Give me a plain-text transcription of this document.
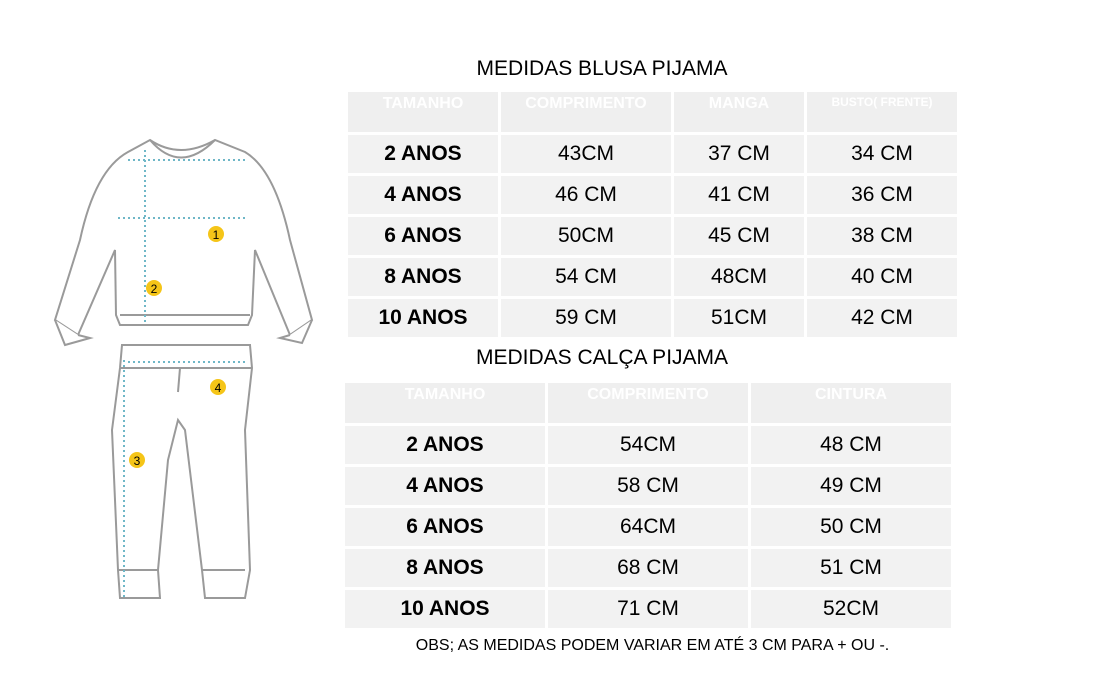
1
2
3
4
MEDIDAS BLUSA PIJAMA
TAMANHO	COMPRIMENTO	MANGA	BUSTO( FRENTE)
2 ANOS	43CM	37 CM	34 CM
4 ANOS	46 CM	41 CM	36 CM
6 ANOS	50CM	45 CM	38 CM
8 ANOS	54 CM	48CM	40 CM
10 ANOS	59 CM	51CM	42 CM
MEDIDAS CALÇA PIJAMA
TAMANHO	COMPRIMENTO	CINTURA
2 ANOS	54CM	48 CM
4 ANOS	58 CM	49 CM
6 ANOS	64CM	50 CM
8 ANOS	68 CM	51 CM
10 ANOS	71 CM	52CM
OBS; AS MEDIDAS PODEM VARIAR EM ATÉ 3 CM PARA + OU -.
